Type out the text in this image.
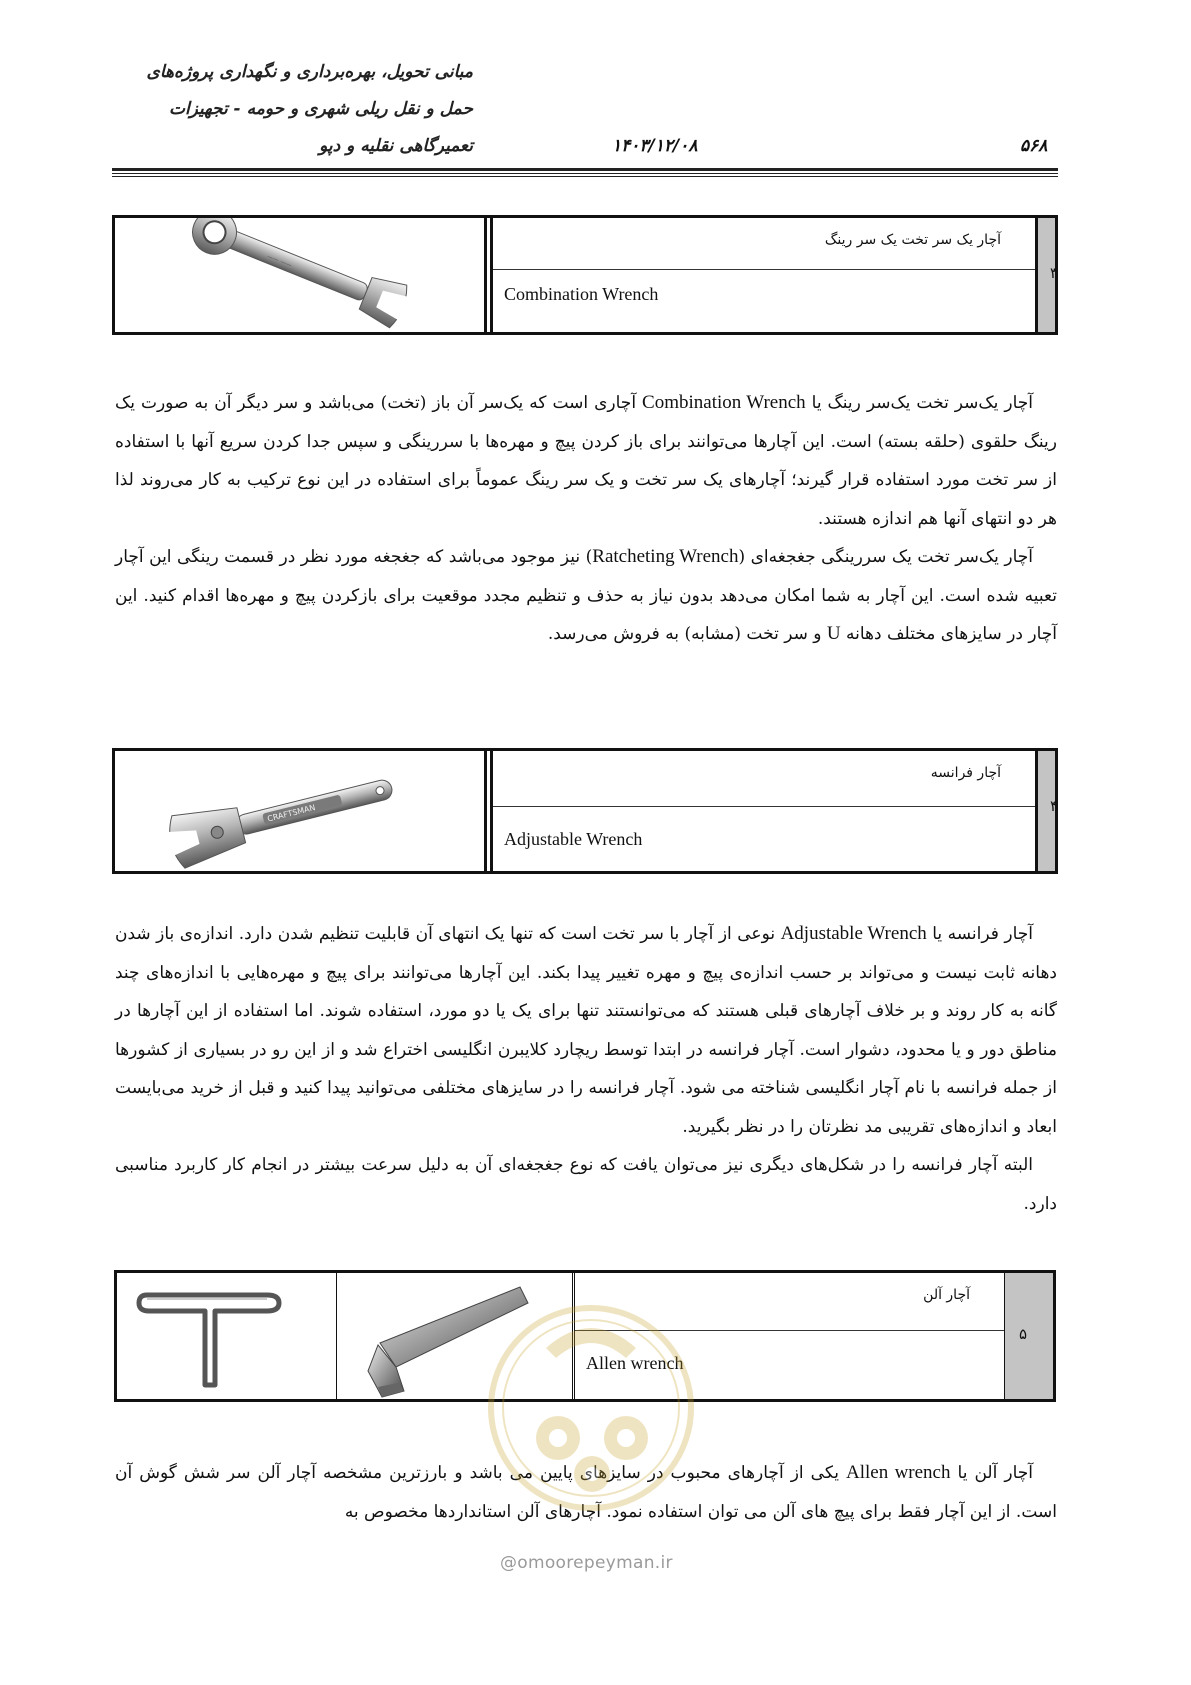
مبانی تحویل، بهره‌برداری و نگهداری پروژه‌های
حمل و نقل ریلی شهری و حومه - تجهیزات
تعمیرگاهی نقلیه و دپو	۱۴۰۳/۱۲/۰۸	۵۶۸
—— ——
آچار یک سر تخت یک سر رینگ
Combination Wrench
۳

آچار یک‌سر تخت یک‌سر رینگ یا Combination Wrench آچاری است که یک‌سر آن باز (تخت) می‌باشد و سر دیگر آن به صورت یک رینگ حلقوی (حلقه بسته) است. این آچارها می‌توانند برای باز کردن پیچ و مهره‌ها با سررینگی و سپس جدا کردن سریع آنها با استفاده از سر تخت مورد استفاده قرار گیرند؛ آچارهای یک سر تخت و یک سر رینگ عموماً برای استفاده در این نوع ترکیب به کار می‌روند لذا هر دو انتهای آنها هم اندازه هستند.

آچار یک‌سر تخت یک سررینگی جغجغه‌ای (Ratcheting Wrench) نیز موجود می‌باشد که جغجغه مورد نظر در قسمت رینگی این آچار تعبیه شده است. این آچار به شما امکان می‌دهد بدون نیاز به حذف و تنظیم مجدد موقعیت برای بازکردن پیچ و مهره‌ها اقدام کنید. این آچار در سایزهای مختلف دهانه U و سر تخت (مشابه) به فروش می‌رسد.

CRAFTSMAN
آچار فرانسه
Adjustable Wrench
۴

آچار فرانسه یا Adjustable Wrench نوعی از آچار با سر تخت است که تنها یک انتهای آن قابلیت تنظیم شدن دارد. اندازه‌ی باز شدن دهانه ثابت نیست و می‌تواند بر حسب اندازه‌ی پیچ و مهره تغییر پیدا بکند. این آچارها می‌توانند برای پیچ و مهره‌هایی با اندازه‌های چند گانه به کار روند و بر خلاف آچارهای قبلی هستند که می‌توانستند تنها برای یک یا دو مورد، استفاده شوند. اما استفاده از این آچارها در مناطق دور و یا محدود، دشوار است. آچار فرانسه در ابتدا توسط ریچارد کلایبرن انگلیسی اختراع شد و از این رو در بسیاری از کشورها از جمله فرانسه با نام آچار انگلیسی شناخته می شود. آچار فرانسه را در سایزهای مختلفی می‌توانید پیدا کنید و قبل از خرید می‌بایست ابعاد و اندازه‌های تقریبی مد نظرتان را در نظر بگیرید.

البته آچار فرانسه را در شکل‌های دیگری نیز می‌توان یافت که نوع جغجغه‌ای آن به دلیل سرعت بیشتر در انجام کار کاربرد مناسبی دارد.

آچار آلن
Allen wrench
۵

آچار آلن یا Allen wrench یکی از آچارهای محبوب در سایزهای پایین می باشد و بارزترین مشخصه آچار آلن سر شش گوش آن است. از این آچار فقط برای پیچ های آلن می توان استفاده نمود. آچارهای آلن استانداردها مخصوص به

@omoorepeyman.ir
